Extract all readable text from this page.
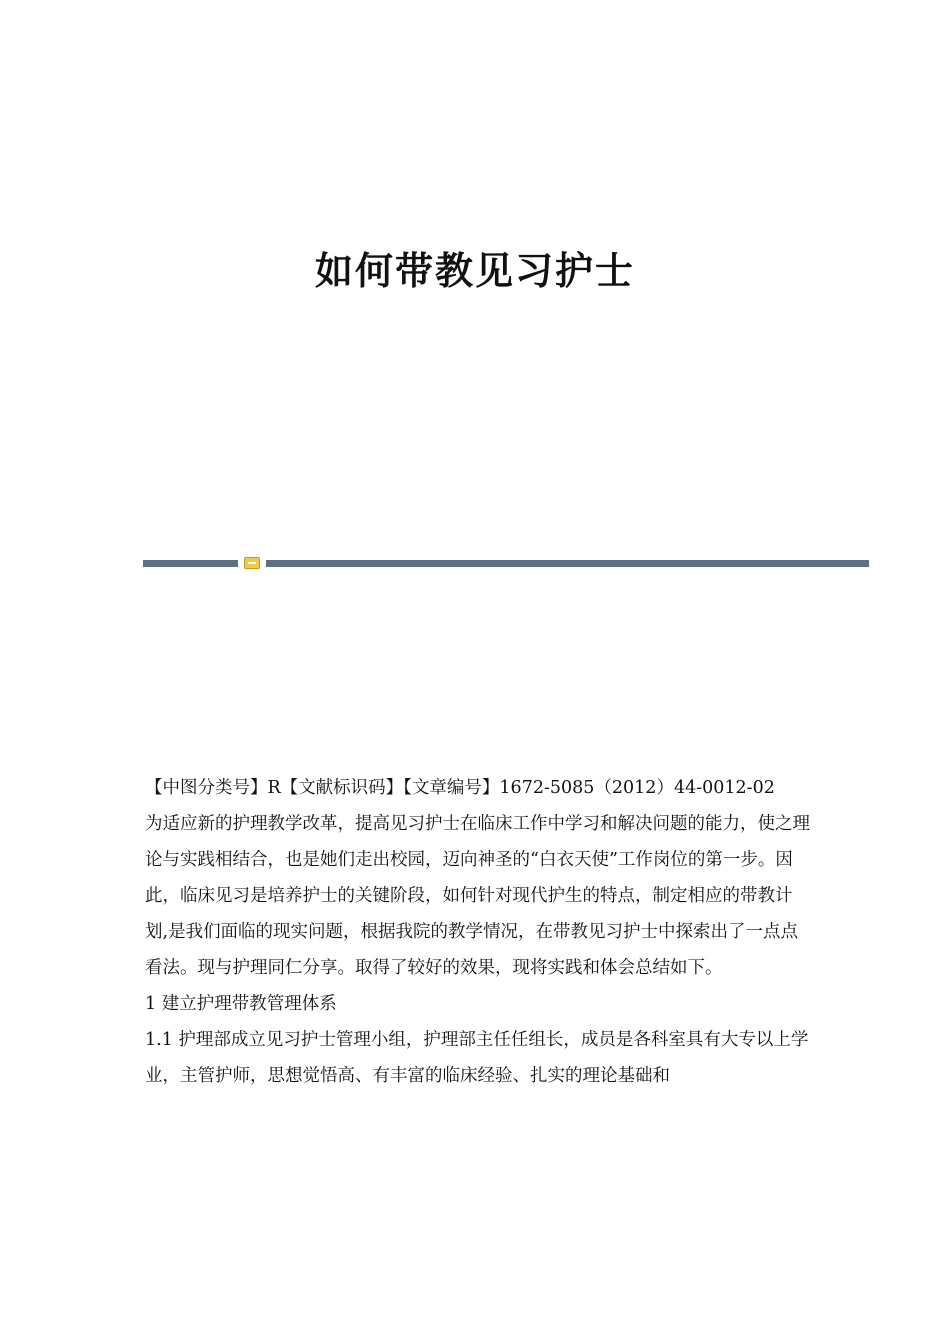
如何带教见习护士

【中图分类号】R【文献标识码】【文章编号】1672-5085（2012）44-0012-02

为适应新的护理教学改革，提高见习护士在临床工作中学习和解决问题的能力，使之理论与实践相结合，也是她们走出校园，迈向神圣的“白衣天使”工作岗位的第一步。因此，临床见习是培养护士的关键阶段，如何针对现代护生的特点，制定相应的带教计划,是我们面临的现实问题，根据我院的教学情况，在带教见习护士中探索出了一点点看法。现与护理同仁分享。取得了较好的效果，现将实践和体会总结如下。

1 建立护理带教管理体系

1.1 护理部成立见习护士管理小组，护理部主任任组长，成员是各科室具有大专以上学业，主管护师，思想觉悟高、有丰富的临床经验、扎实的理论基础和
